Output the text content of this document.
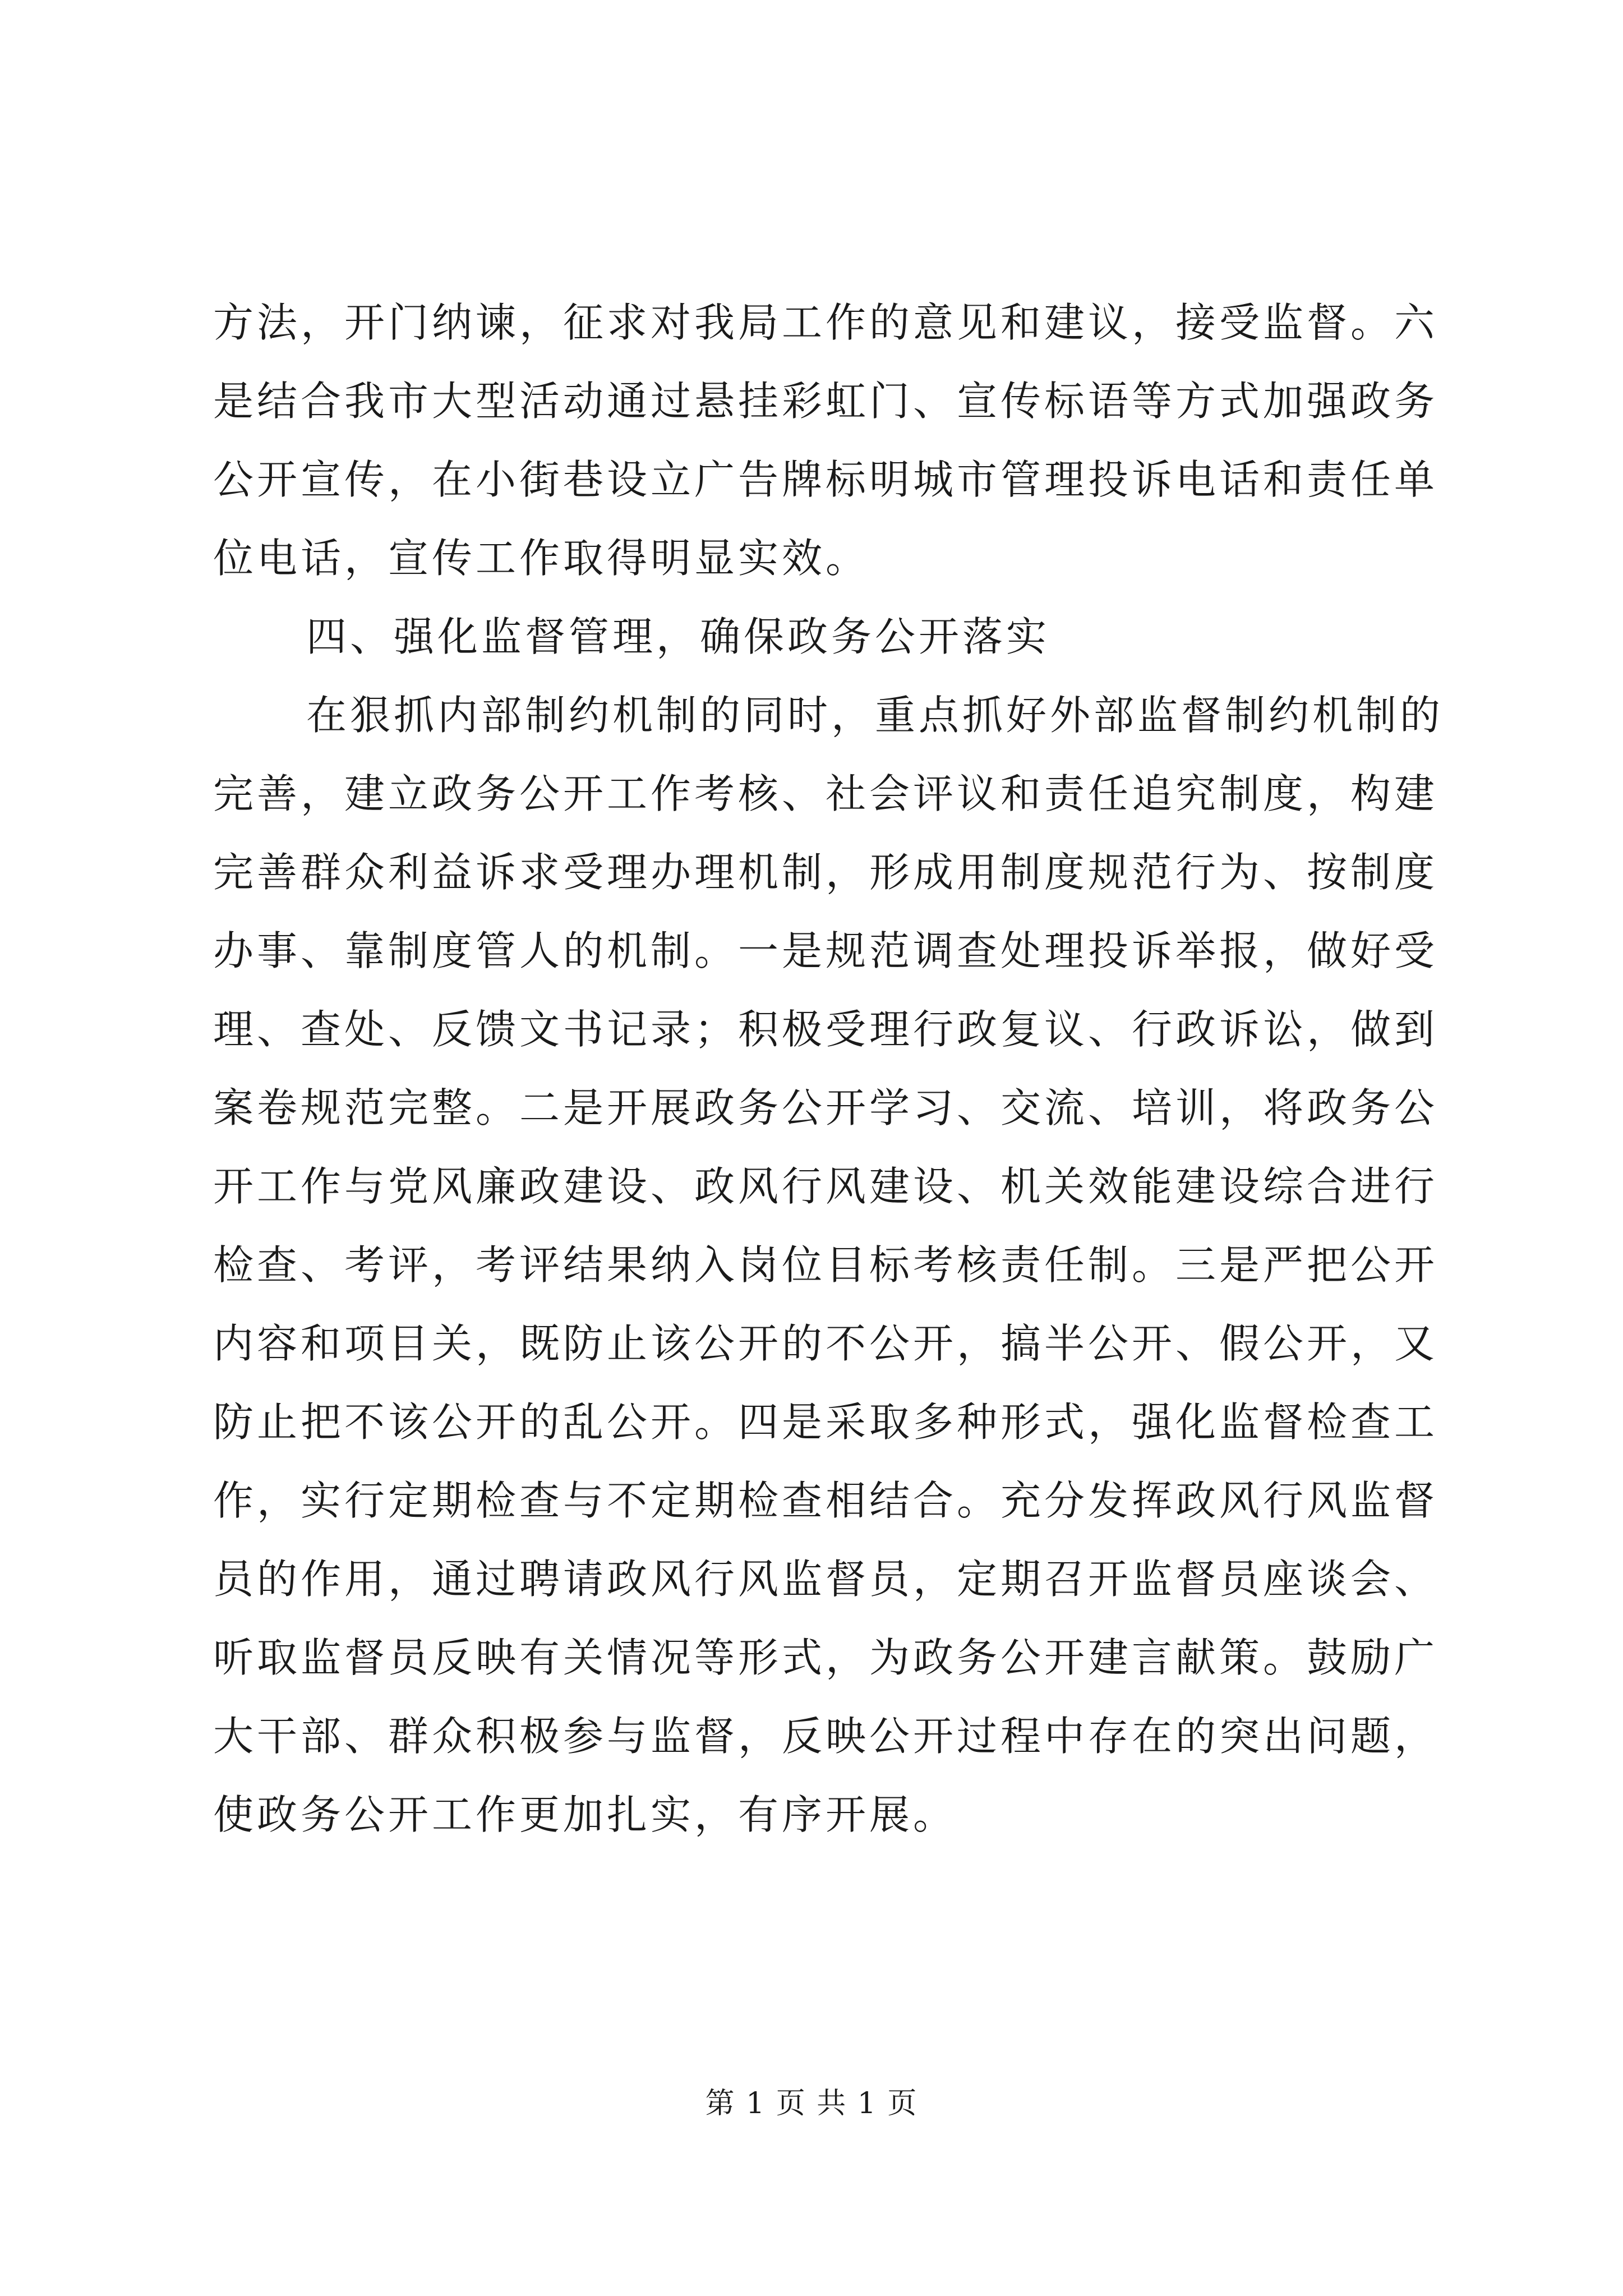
方法，开门纳谏，征求对我局工作的意见和建议，接受监督。六
是结合我市大型活动通过悬挂彩虹门、宣传标语等方式加强政务
公开宣传，在小街巷设立广告牌标明城市管理投诉电话和责任单
位电话，宣传工作取得明显实效。
四、强化监督管理，确保政务公开落实
在狠抓内部制约机制的同时，重点抓好外部监督制约机制的
完善，建立政务公开工作考核、社会评议和责任追究制度，构建
完善群众利益诉求受理办理机制，形成用制度规范行为、按制度
办事、靠制度管人的机制。一是规范调查处理投诉举报，做好受
理、查处、反馈文书记录；积极受理行政复议、行政诉讼，做到
案卷规范完整。二是开展政务公开学习、交流、培训，将政务公
开工作与党风廉政建设、政风行风建设、机关效能建设综合进行
检查、考评，考评结果纳入岗位目标考核责任制。三是严把公开
内容和项目关，既防止该公开的不公开，搞半公开、假公开，又
防止把不该公开的乱公开。四是采取多种形式，强化监督检查工
作，实行定期检查与不定期检查相结合。充分发挥政风行风监督
员的作用，通过聘请政风行风监督员，定期召开监督员座谈会、
听取监督员反映有关情况等形式，为政务公开建言献策。鼓励广
大干部、群众积极参与监督，反映公开过程中存在的突出问题，
使政务公开工作更加扎实，有序开展。
第 1 页 共 1 页
